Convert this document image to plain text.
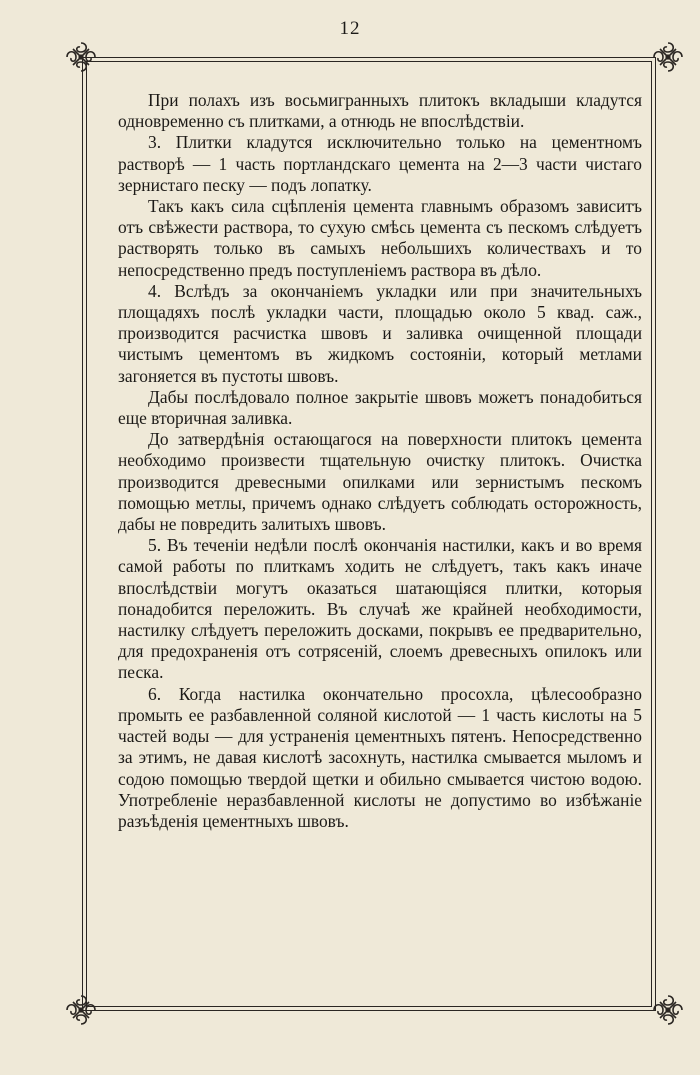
12

При полахъ изъ восьмигранныхъ плитокъ вкладыши кладутся одновременно съ плитками, а отнюдь не впослѣдствіи.

3. Плитки кладутся исключительно только на цементномъ растворѣ — 1 часть портландскаго цемента на 2—3 части чистаго зернистаго песку — подъ лопатку.

Такъ какъ сила сцѣпленія цемента главнымъ образомъ зависитъ отъ свѣжести раствора, то сухую смѣсь цемента съ пескомъ слѣдуетъ растворять только въ самыхъ небольшихъ количествахъ и то непосредственно предъ поступленіемъ раствора въ дѣло.

4. Вслѣдъ за окончаніемъ укладки или при значительныхъ площадяхъ послѣ укладки части, площадью около 5 квад. саж., производится расчистка швовъ и заливка очищенной площади чистымъ цементомъ въ жидкомъ состояніи, который метлами загоняется въ пустоты швовъ.

Дабы послѣдовало полное закрытіе швовъ можетъ понадобиться еще вторичная заливка.

До затвердѣнія остающагося на поверхности плитокъ цемента необходимо произвести тщательную очистку плитокъ. Очистка производится древесными опилками или зернистымъ пескомъ помощью метлы, причемъ однако слѣдуетъ соблюдать осторожность, дабы не повредить залитыхъ швовъ.

5. Въ теченіи недѣли послѣ окончанія настилки, какъ и во время самой работы по плиткамъ ходить не слѣдуетъ, такъ какъ иначе впослѣдствіи могутъ оказаться шатающіяся плитки, которыя понадобится переложить. Въ случаѣ же крайней необходимости, настилку слѣдуетъ переложить досками, покрывъ ее предварительно, для предохраненія отъ сотрясеній, слоемъ древесныхъ опилокъ или песка.

6. Когда настилка окончательно просохла, цѣлесообразно промыть ее разбавленной соляной кислотой — 1 часть кислоты на 5 частей воды — для устраненія цементныхъ пятенъ. Непосредственно за этимъ, не давая кислотѣ засохнуть, настилка смывается мыломъ и содою помощью твердой щетки и обильно смывается чистою водою. Употребленіе неразбавленной кислоты не допустимо во избѣжаніе разъѣденія цементныхъ швовъ.
